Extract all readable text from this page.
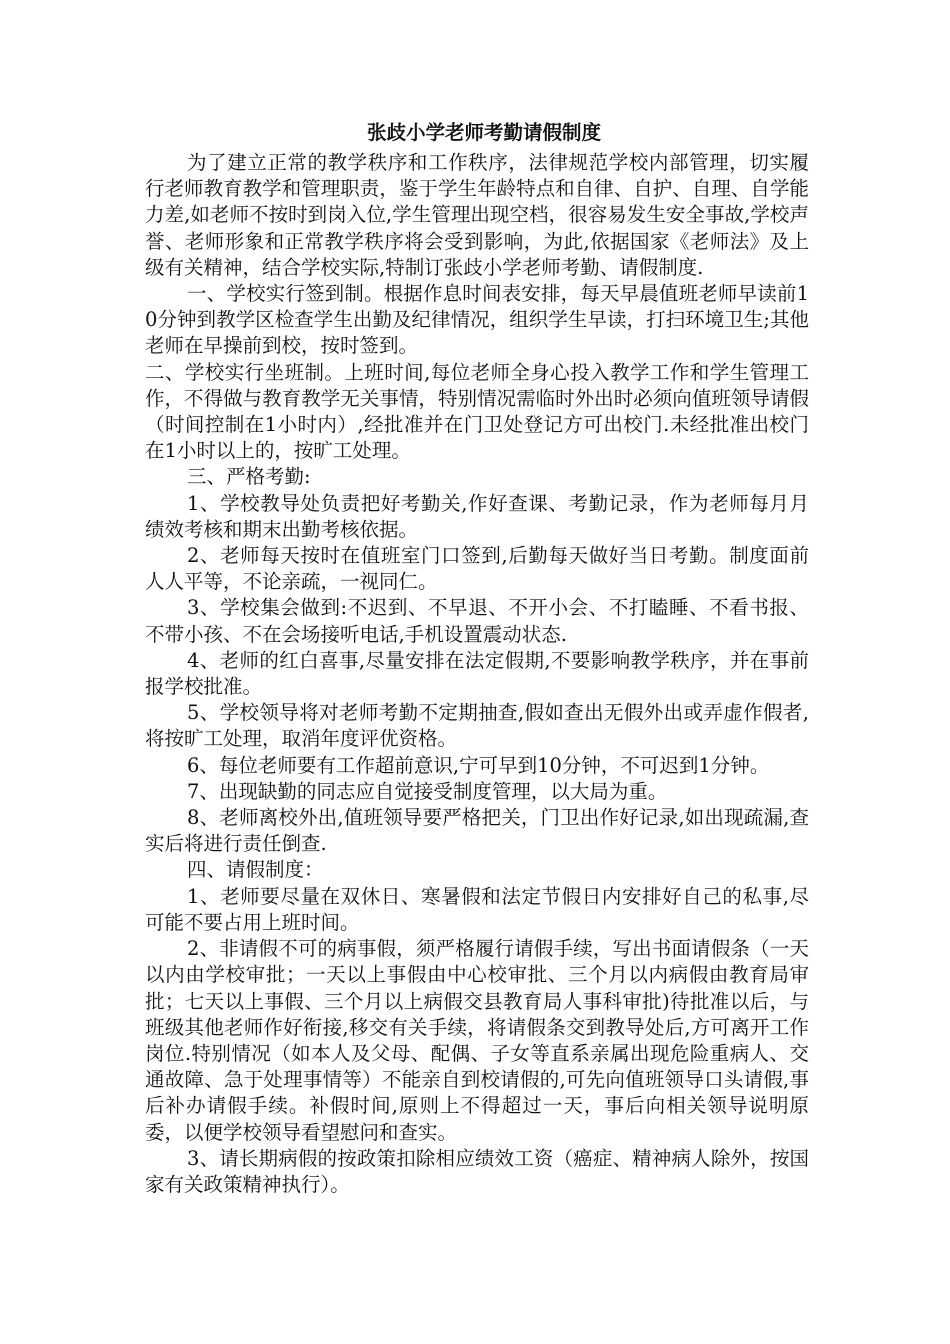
张歧小学老师考勤请假制度

为了建立正常的教学秩序和工作秩序，法律规范学校内部管理，切实履行老师教育教学和管理职责，鉴于学生年龄特点和自律、自护、自理、自学能力差,如老师不按时到岗入位,学生管理出现空档，很容易发生安全事故,学校声誉、老师形象和正常教学秩序将会受到影响，为此,依据国家《老师法》及上级有关精神，结合学校实际,特制订张歧小学老师考勤、请假制度.

一、学校实行签到制。根据作息时间表安排，每天早晨值班老师早读前10分钟到教学区检查学生出勤及纪律情况，组织学生早读，打扫环境卫生;其他老师在早操前到校，按时签到。

二、学校实行坐班制。上班时间,每位老师全身心投入教学工作和学生管理工作，不得做与教育教学无关事情，特别情况需临时外出时必须向值班领导请假（时间控制在1小时内）,经批准并在门卫处登记方可出校门.未经批准出校门在1小时以上的，按旷工处理。

三、严格考勤:

1、学校教导处负责把好考勤关,作好查课、考勤记录，作为老师每月月绩效考核和期末出勤考核依据。

2、老师每天按时在值班室门口签到,后勤每天做好当日考勤。制度面前人人平等，不论亲疏，一视同仁。

3、学校集会做到:不迟到、不早退、不开小会、不打瞌睡、不看书报、不带小孩、不在会场接听电话,手机设置震动状态.

4、老师的红白喜事,尽量安排在法定假期,不要影响教学秩序，并在事前报学校批准。

5、学校领导将对老师考勤不定期抽查,假如查出无假外出或弄虚作假者,将按旷工处理，取消年度评优资格。

6、每位老师要有工作超前意识,宁可早到10分钟，不可迟到1分钟。

7、出现缺勤的同志应自觉接受制度管理，以大局为重。

8、老师离校外出,值班领导要严格把关，门卫出作好记录,如出现疏漏,查实后将进行责任倒查.

四、请假制度：

1、老师要尽量在双休日、寒暑假和法定节假日内安排好自己的私事,尽可能不要占用上班时间。

2、非请假不可的病事假，须严格履行请假手续，写出书面请假条（一天以内由学校审批；一天以上事假由中心校审批、三个月以内病假由教育局审批；七天以上事假、三个月以上病假交县教育局人事科审批)待批准以后，与班级其他老师作好衔接,移交有关手续，将请假条交到教导处后,方可离开工作岗位.特别情况（如本人及父母、配偶、子女等直系亲属出现危险重病人、交通故障、急于处理事情等）不能亲自到校请假的,可先向值班领导口头请假,事后补办请假手续。补假时间,原则上不得超过一天，事后向相关领导说明原委，以便学校领导看望慰问和查实。

3、请长期病假的按政策扣除相应绩效工资（癌症、精神病人除外，按国家有关政策精神执行）。
